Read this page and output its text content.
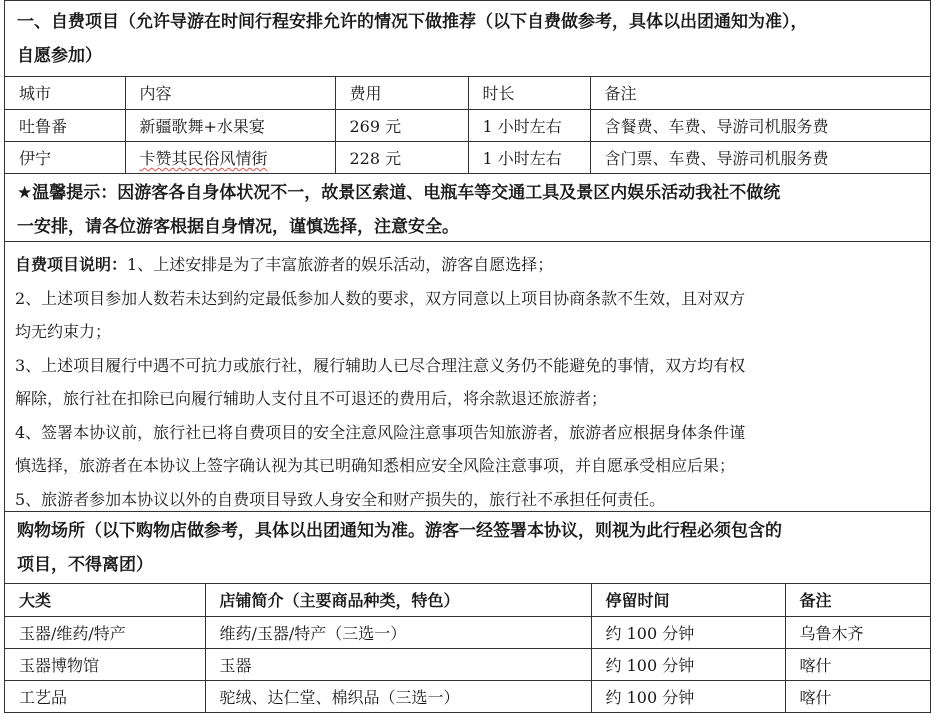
一、自费项目（允许导游在时间行程安排允许的情况下做推荐（以下自费做参考，具体以出团通知为准），
自愿参加）
城市	内容	费用	时长	备注
吐鲁番	新疆歌舞+水果宴	269 元	1 小时左右	含餐费、车费、导游司机服务费
伊宁	卡赞其民俗风情街	228 元	1 小时左右	含门票、车费、导游司机服务费
★温馨提示：因游客各自身体状况不一，故景区索道、电瓶车等交通工具及景区内娱乐活动我社不做统
一安排，请各位游客根据自身情况，谨慎选择，注意安全。

自费项目说明：1、上述安排是为了丰富旅游者的娱乐活动，游客自愿选择；

2、上述项目参加人数若未达到約定最低参加人数的要求，双方同意以上项目协商条款不生效，且对双方

均无约束力；

3、上述项目履行中遇不可抗力或旅行社，履行辅助人已尽合理注意义务仍不能避免的事情，双方均有权

解除，旅行社在扣除已向履行辅助人支付且不可退还的费用后，将余款退还旅游者；

4、签署本协议前，旅行社已将自费项目的安全注意风险注意事项告知旅游者，旅游者应根据身体条件谨

慎选择，旅游者在本协议上签字确认视为其已明确知悉相应安全风险注意事项，并自愿承受相应后果；

5、旅游者参加本协议以外的自费项目导致人身安全和财产损失的，旅行社不承担任何责任。

购物场所（以下购物店做参考，具体以出团通知为准。游客一经签署本协议，则视为此行程必须包含的
项目，不得离团）
大类	店铺简介（主要商品种类，特色）	停留时间	备注
玉器/维药/特产	维药/玉器/特产（三选一）	约 100 分钟	乌鲁木齐
玉器博物馆	玉器	约 100 分钟	喀什
工艺品	驼绒、达仁堂、棉织品（三选一）	约 100 分钟	喀什
